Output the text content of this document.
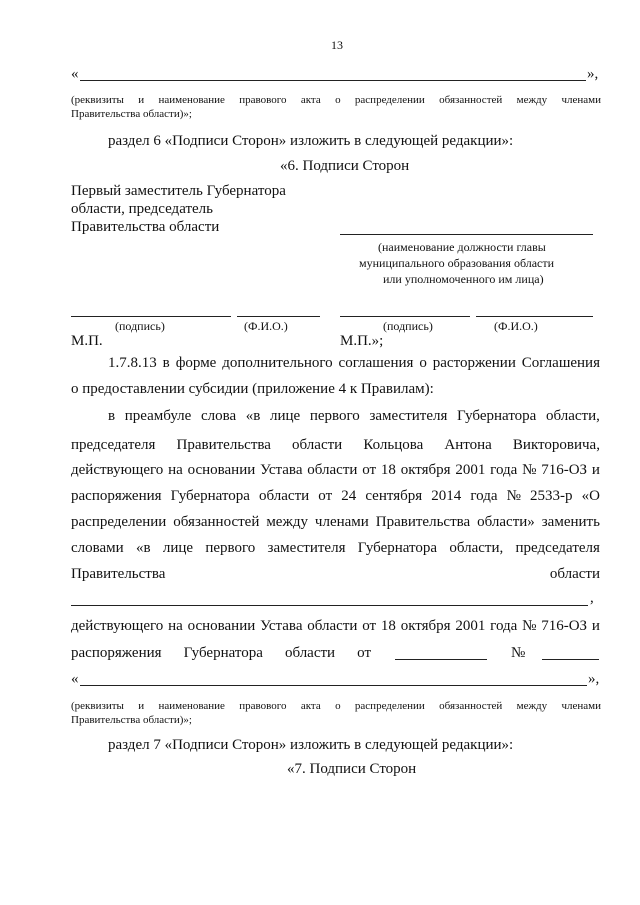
13
«	»,
(реквизиты и наименование правового акта о распределении обязанностей между членами
Правительства области)»;
раздел 6 «Подписи Сторон» изложить в следующей редакции»:
«6. Подписи Сторон
Первый заместитель Губернатора
области, председатель
Правительства области
(наименование должности главы
муниципального образования области
или уполномоченного им лица)
(подпись)	(Ф.И.О.)	(подпись)	(Ф.И.О.)
М.П.	М.П.»;
1.7.8.13 в форме дополнительного соглашения о расторжении Соглашения
о предоставлении субсидии (приложение 4 к Правилам):
в преамбуле слова «в лице первого заместителя Губернатора области,
председателя Правительства области Кольцова Антона Викторовича,
действующего на основании Устава области от 18 октября 2001 года № 716-ОЗ и
распоряжения Губернатора области от 24 сентября 2014 года № 2533-р «О
распределении обязанностей между членами Правительства области» заменить
словами «в лице первого заместителя Губернатора области, председателя
Правительства	области
,
действующего на основании Устава области от 18 октября 2001 года № 716-ОЗ и
распоряжения Губернатора области от	№
«	»,
(реквизиты и наименование правового акта о распределении обязанностей между членами
Правительства области)»;
раздел 7 «Подписи Сторон» изложить в следующей редакции»:
«7. Подписи Сторон
